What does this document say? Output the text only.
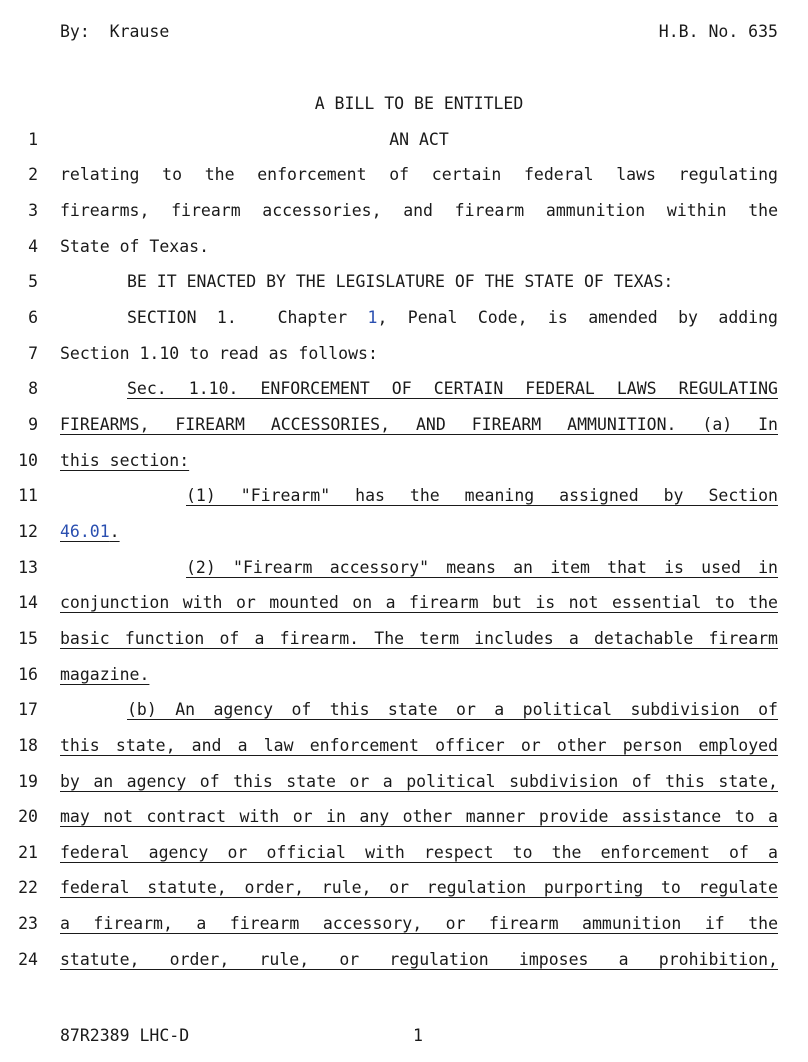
By:  Krause	H.B. No. 635
A BILL TO BE ENTITLED
1	AN ACT
2 relating to the enforcement of certain federal laws regulating
3 firearms, firearm accessories, and firearm ammunition within the
4 State of Texas.
5	BE IT ENACTED BY THE LEGISLATURE OF THE STATE OF TEXAS:
6	SECTION 1.  Chapter 1, Penal Code, is amended by adding
7 Section 1.10 to read as follows:
8	Sec. 1.10. ENFORCEMENT OF CERTAIN FEDERAL LAWS REGULATING
9 FIREARMS, FIREARM ACCESSORIES, AND FIREARM AMMUNITION. (a) In
10 this section:
11	(1) "Firearm" has the meaning assigned by Section
12 46.01.
13	(2) "Firearm accessory" means an item that is used in
14 conjunction with or mounted on a firearm but is not essential to the
15 basic function of a firearm. The term includes a detachable firearm
16 magazine.
17	(b) An agency of this state or a political subdivision of
18 this state, and a law enforcement officer or other person employed
19 by an agency of this state or a political subdivision of this state,
20 may not contract with or in any other manner provide assistance to a
21 federal agency or official with respect to the enforcement of a
22 federal statute, order, rule, or regulation purporting to regulate
23 a firearm, a firearm accessory, or firearm ammunition if the
24 statute, order, rule, or regulation imposes a prohibition,
87R2389 LHC-D	1
